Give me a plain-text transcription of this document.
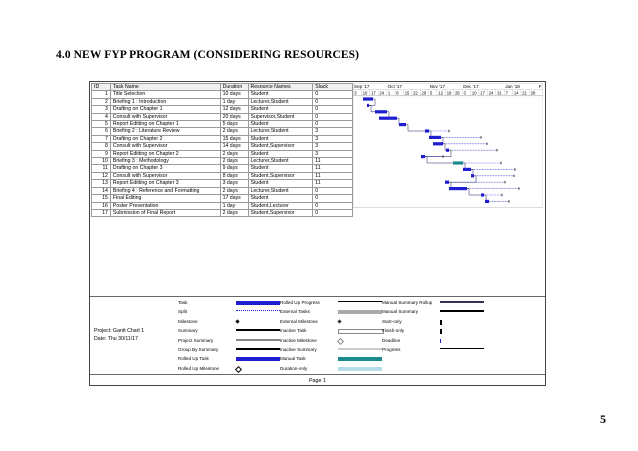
4.0 NEW FYP PROGRAM (CONSIDERING RESOURCES)
ID	Task Name	Duration	Resource Names	Slack
1	Title Selection	10 days	Student	0
2	Briefing 1 : Introduction	1 day	Lecturer,Student	0
3	Drafting on Chapter 1	12 days	Student	0
4	Consult with Supervisor	20 days	Supervisor,Student	0
5	Report Editting on Chapter 1	5 days	Student	0
6	Briefing 2 : Literature Review	2 days	Lecturer,Student	3
7	Drafting on Chapter 2	15 days	Student	3
8	Consult with Supervisor	14 days	Student,Supervisor	3
9	Report Editting on Chapter 2	2 days	Student	3
10	Briefing 3 : Methodology	2 days	Lecturer,Student	11
11	Drafting on Chapter 3	9 days	Student	11
12	Consult with Supervisor	8 days	Student,Supervisor	11
13	Report Editting on Chapter 3	3 days	Student	11
14	Briefing 4 : Reference and Formatting	2 days	Lecturer,Student	0
15	Final Editing	17 days	Student	0
16	Poster Presentation	1 day	Student,Lecturer	0
17	Submission of Final Report	2 days	Student,Supervisor	0
Sep '17	Oct '17	Nov '17	Dec '17	Jan '18	F
3 10 17 24 1 8 15 22 29 5 12 19 26 3 10 17 24 31 7 14 21 28
Project: Gantt Chart 1
Date: Thu 30/11/17
Task
Split
Milestone
Summary
Project Summary
Group By Summary
Rolled Up Task
Rolled Up Milestone
Rolled Up Progress
External Tasks
External Milestone
Inactive Task
Inactive Milestone
Inactive Summary
Manual Task
Duration-only
Manual Summary Rollup
Manual Summary
Start-only
Finish-only
Deadline
Progress
Page 1
5
